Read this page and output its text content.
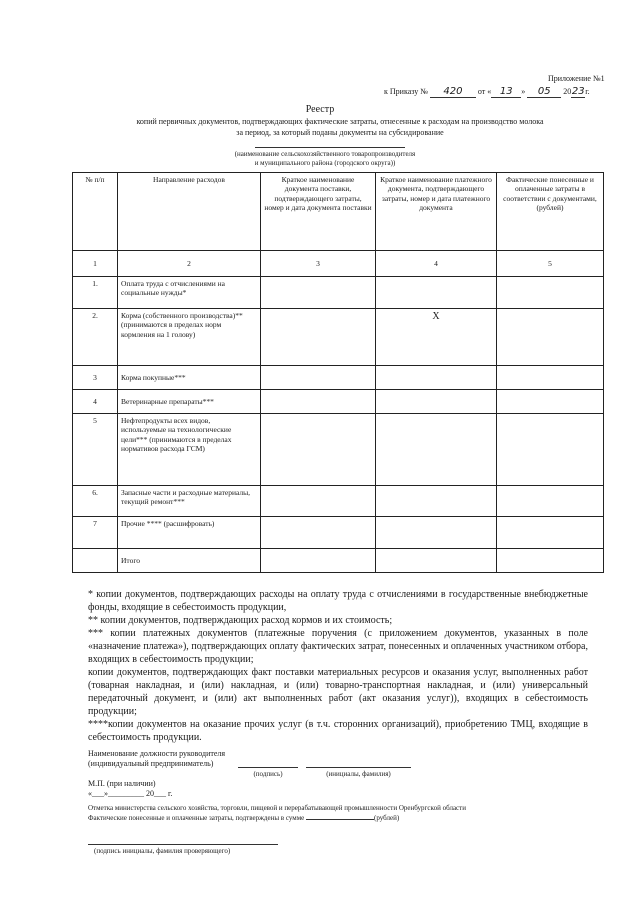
Приложение №1
к Приказу № 420 от « 13 » 05 2023г.
Реестр
копий первичных документов, подтверждающих фактические затраты, отнесенные к расходам на производство молока
за период, за который поданы документы на субсидирование
(наименование сельскохозяйственного товаропроизводителя
и муниципального района (городского округа))
№ п/п	Направление расходов	Краткое наименование документа поставки, подтверждающего затраты, номер и дата документа поставки	Краткое наименование платежного документа, подтверждающего затраты, номер и дата платежного документа	Фактические понесенные и оплаченные затраты в соответствии с документами, (рублей)
1	2	3	4	5
1.	Оплата труда с отчислениями на социальные нужды*			
2.	Корма (собственного производства)** (принимаются в пределах норм кормления на 1 голову)		Х	
3	Корма покупные***			
4	Ветеринарные препараты***			
5	Нефтепродукты всех видов, используемые на технологические цели*** (принимаются в пределах нормативов расхода ГСМ)			
6.	Запасные части и расходные материалы, текущий ремонт***			
7	Прочие **** (расшифровать)			
	Итого			
* копии документов, подтверждающих расходы на оплату труда с отчислениями в государственные внебюджетные фонды, входящие в себестоимость продукции,
** копии документов, подтверждающих расход кормов и их стоимость;
*** копии платежных документов (платежные поручения (с приложением документов, указанных в поле «назначение платежа»), подтверждающих оплату фактических затрат, понесенных и оплаченных участником отбора, входящих в себестоимость продукции;
копии документов, подтверждающих факт поставки материальных ресурсов и оказания услуг, выполненных работ (товарная накладная, и (или) накладная, и (или) товарно-транспортная накладная, и (или) универсальный передаточный документ, и (или) акт выполненных работ (акт оказания услуг)), входящих в себестоимость продукции;
****копии документов на оказание прочих услуг (в т.ч. сторонних организаций), приобретению ТМЦ, входящие в себестоимость продукции.
Наименование должности руководителя
(индивидуальный предприниматель)
(подпись)	(инициалы, фамилия)
М.П. (при наличии)
«___»_________ 20___ г.
Отметка министерства сельского хозяйства, торговли, пищевой и перерабатывающей промышленности Оренбургской области
Фактические понесенные и оплаченные затраты, подтверждены в сумме	(рублей)
(подпись инициалы, фамилия проверяющего)
